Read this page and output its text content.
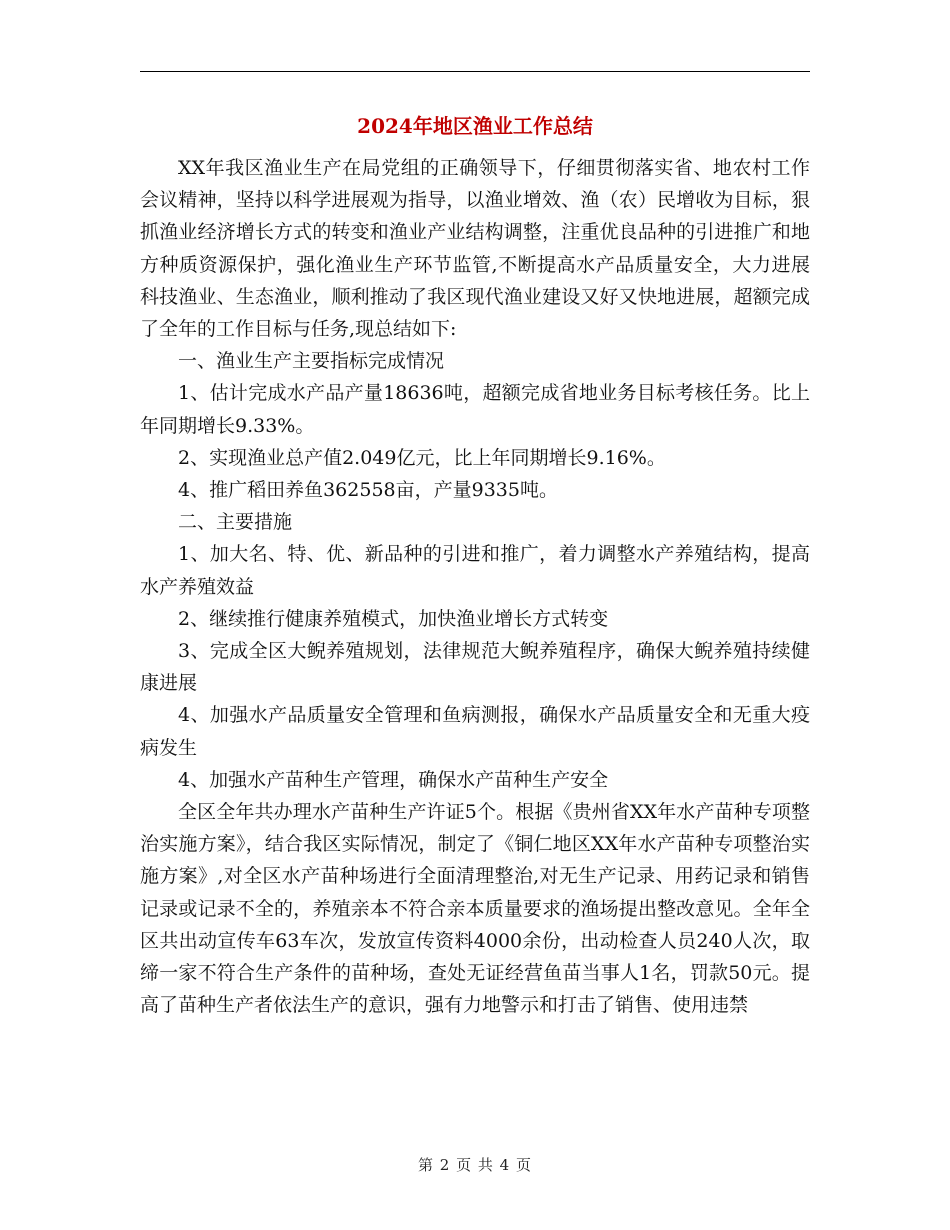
2024年地区渔业工作总结

XX年我区渔业生产在局党组的正确领导下，仔细贯彻落实省、地农村工作会议精神，坚持以科学进展观为指导，以渔业增效、渔（农）民增收为目标，狠抓渔业经济增长方式的转变和渔业产业结构调整，注重优良品种的引进推广和地方种质资源保护，强化渔业生产环节监管,不断提高水产品质量安全，大力进展科技渔业、生态渔业，顺利推动了我区现代渔业建设又好又快地进展，超额完成了全年的工作目标与任务,现总结如下:

一、渔业生产主要指标完成情况

1、估计完成水产品产量18636吨，超额完成省地业务目标考核任务。比上年同期增长9.33%。

2、实现渔业总产值2.049亿元，比上年同期增长9.16%。

4、推广稻田养鱼362558亩，产量9335吨。

二、主要措施

1、加大名、特、优、新品种的引进和推广，着力调整水产养殖结构，提高水产养殖效益

2、继续推行健康养殖模式，加快渔业增长方式转变

3、完成全区大鲵养殖规划，法律规范大鲵养殖程序，确保大鲵养殖持续健康进展

4、加强水产品质量安全管理和鱼病测报，确保水产品质量安全和无重大疫病发生

4、加强水产苗种生产管理，确保水产苗种生产安全

全区全年共办理水产苗种生产许证5个。根据《贵州省XX年水产苗种专项整治实施方案》，结合我区实际情况，制定了《铜仁地区XX年水产苗种专项整治实施方案》,对全区水产苗种场进行全面清理整治,对无生产记录、用药记录和销售记录或记录不全的，养殖亲本不符合亲本质量要求的渔场提出整改意见。全年全区共出动宣传车63车次，发放宣传资料4000余份，出动检查人员240人次，取缔一家不符合生产条件的苗种场，查处无证经营鱼苗当事人1名，罚款50元。提高了苗种生产者依法生产的意识，强有力地警示和打击了销售、使用违禁

第 2 页 共 4 页
